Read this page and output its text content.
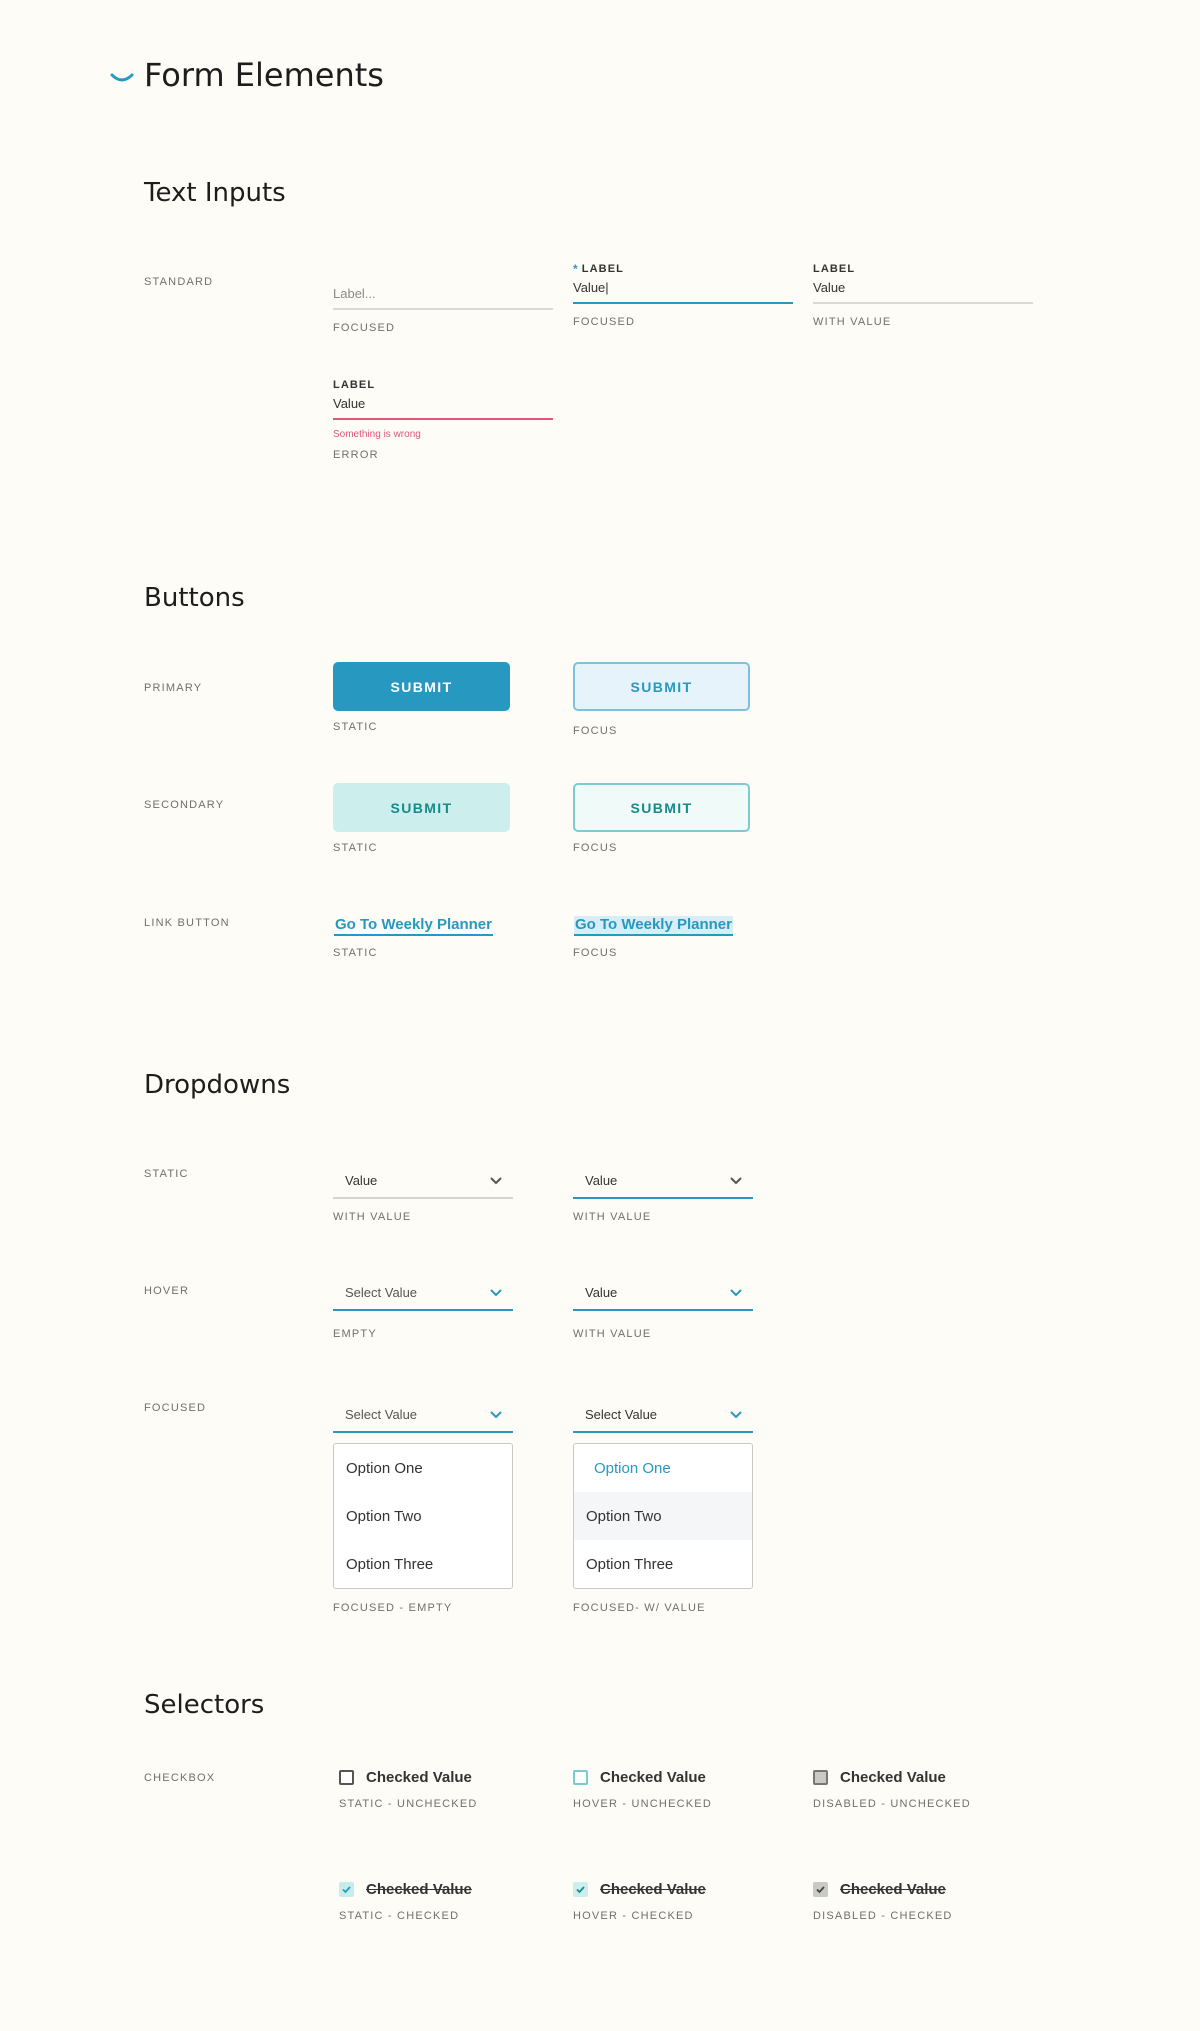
Form Elements
Text Inputs
STANDARD
Label...
FOCUSED
* LABEL
Value|
FOCUSED
LABEL
Value
WITH VALUE
LABEL
Value
Something is wrong
ERROR
Buttons
PRIMARY	SUBMIT
STATIC
SUBMIT
FOCUS
SECONDARY	SUBMIT
STATIC
SUBMIT
FOCUS
LINK BUTTON	Go To Weekly Planner
STATIC
Go To Weekly Planner
FOCUS
Dropdowns
STATIC	Value
WITH VALUE
Value
WITH VALUE
HOVER	Select Value
EMPTY
Value
WITH VALUE
FOCUSED	Select Value
Option One
Option Two
Option Three
FOCUSED - EMPTY
Select Value
Option One
Option Two
Option Three
FOCUSED- W/ VALUE
Selectors
CHECKBOX	Checked Value
STATIC - UNCHECKED
Checked Value
HOVER - UNCHECKED
Checked Value
DISABLED - UNCHECKED
Checked Value
STATIC - CHECKED
Checked Value
HOVER - CHECKED
Checked Value
DISABLED - CHECKED
